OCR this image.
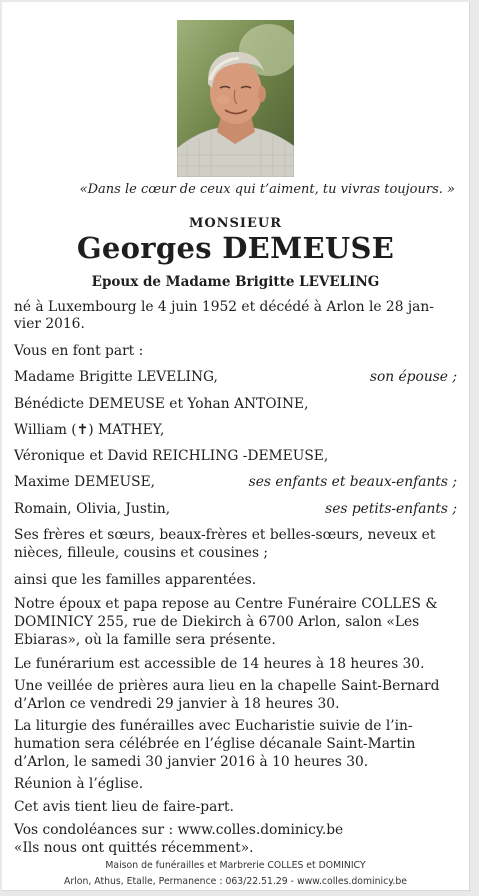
«Dans le cœur de ceux qui t’aiment, tu vivras toujours. »
MONSIEUR
Georges DEMEUSE
Epoux de Madame Brigitte LEVELING
né à Luxembourg le 4 juin 1952 et décédé à Arlon le 28 jan-
vier 2016.
Vous en font part :
Madame Brigitte LEVELING,	son épouse ;
Bénédicte DEMEUSE et Yohan ANTOINE,
William (✝) MATHEY,
Véronique et David REICHLING -DEMEUSE,
Maxime DEMEUSE,	ses enfants et beaux-enfants ;
Romain, Olivia, Justin,	ses petits-enfants ;
Ses frères et sœurs, beaux-frères et belles-sœurs, neveux et
nièces, filleule, cousins et cousines ;
ainsi que les familles apparentées.
Notre époux et papa repose au Centre Funéraire COLLES &
DOMINICY 255, rue de Diekirch à 6700 Arlon, salon «Les
Ebiaras», où la famille sera présente.
Le funérarium est accessible de 14 heures à 18 heures 30.
Une veillée de prières aura lieu en la chapelle Saint-Bernard
d’Arlon ce vendredi 29 janvier à 18 heures 30.
La liturgie des funérailles avec Eucharistie suivie de l’in-
humation sera célébrée en l’église décanale Saint-Martin
d’Arlon, le samedi 30 janvier 2016 à 10 heures 30.
Réunion à l’église.
Cet avis tient lieu de faire-part.
Vos condoléances sur : www.colles.dominicy.be
«Ils nous ont quittés récemment».
Maison de funérailles et Marbrerie COLLES et DOMINICY
Arlon, Athus, Etalle, Permanence : 063/22.51.29 - www.colles.dominicy.be
